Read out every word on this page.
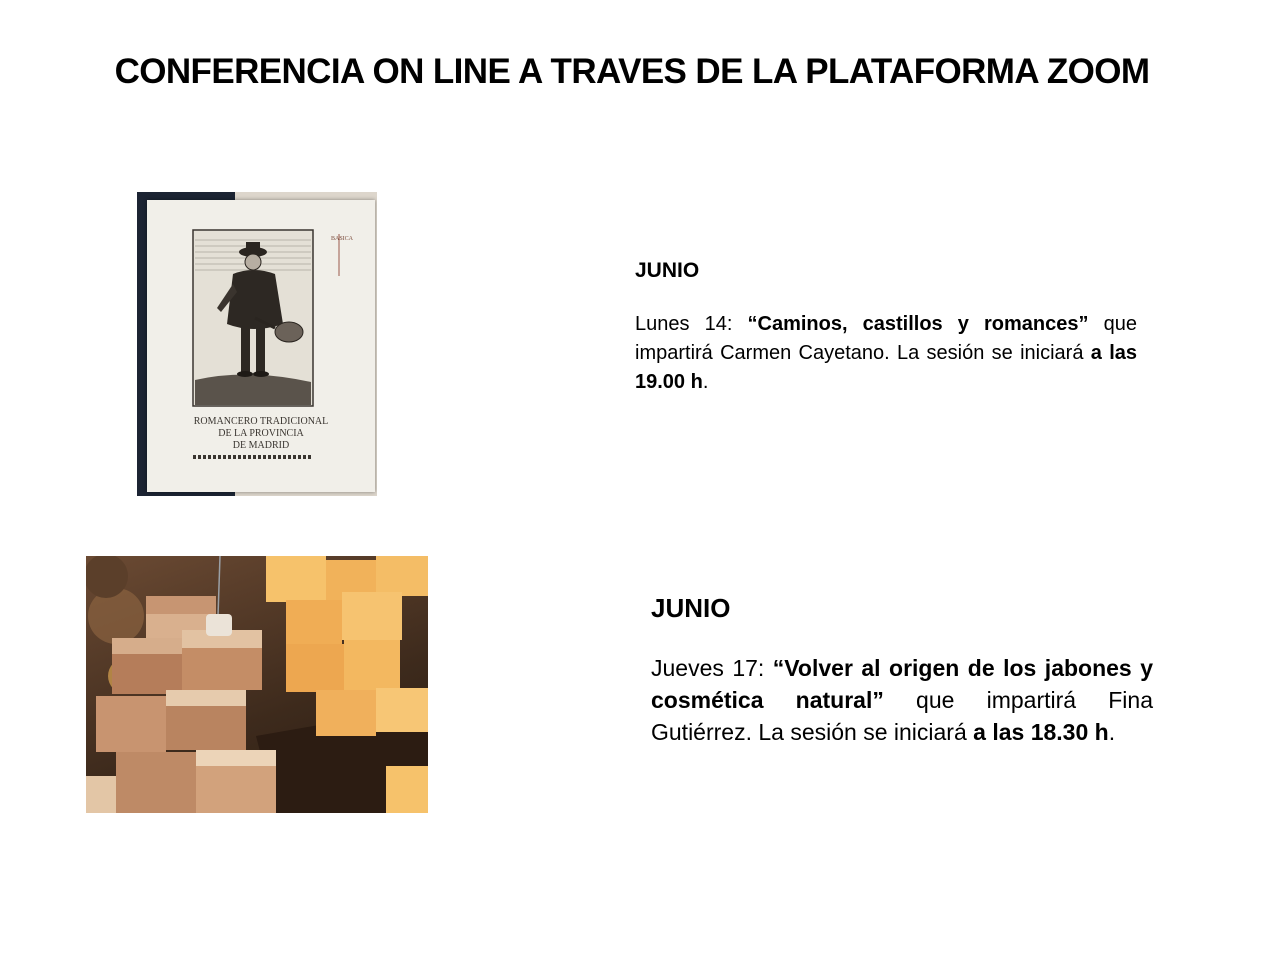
CONFERENCIA ON LINE A TRAVES DE LA PLATAFORMA ZOOM
BASICA
ROMANCERO TRADICIONAL
DE LA PROVINCIA
DE MADRID

JUNIO

Lunes 14: “Caminos, castillos y romances” que impartirá Carmen Cayetano. La sesión se iniciará a las 19.00 h.

JUNIO

Jueves 17: “Volver al origen de los jabones y cosmética natural” que impartirá Fina Gutiérrez. La sesión se iniciará a las 18.30 h.
